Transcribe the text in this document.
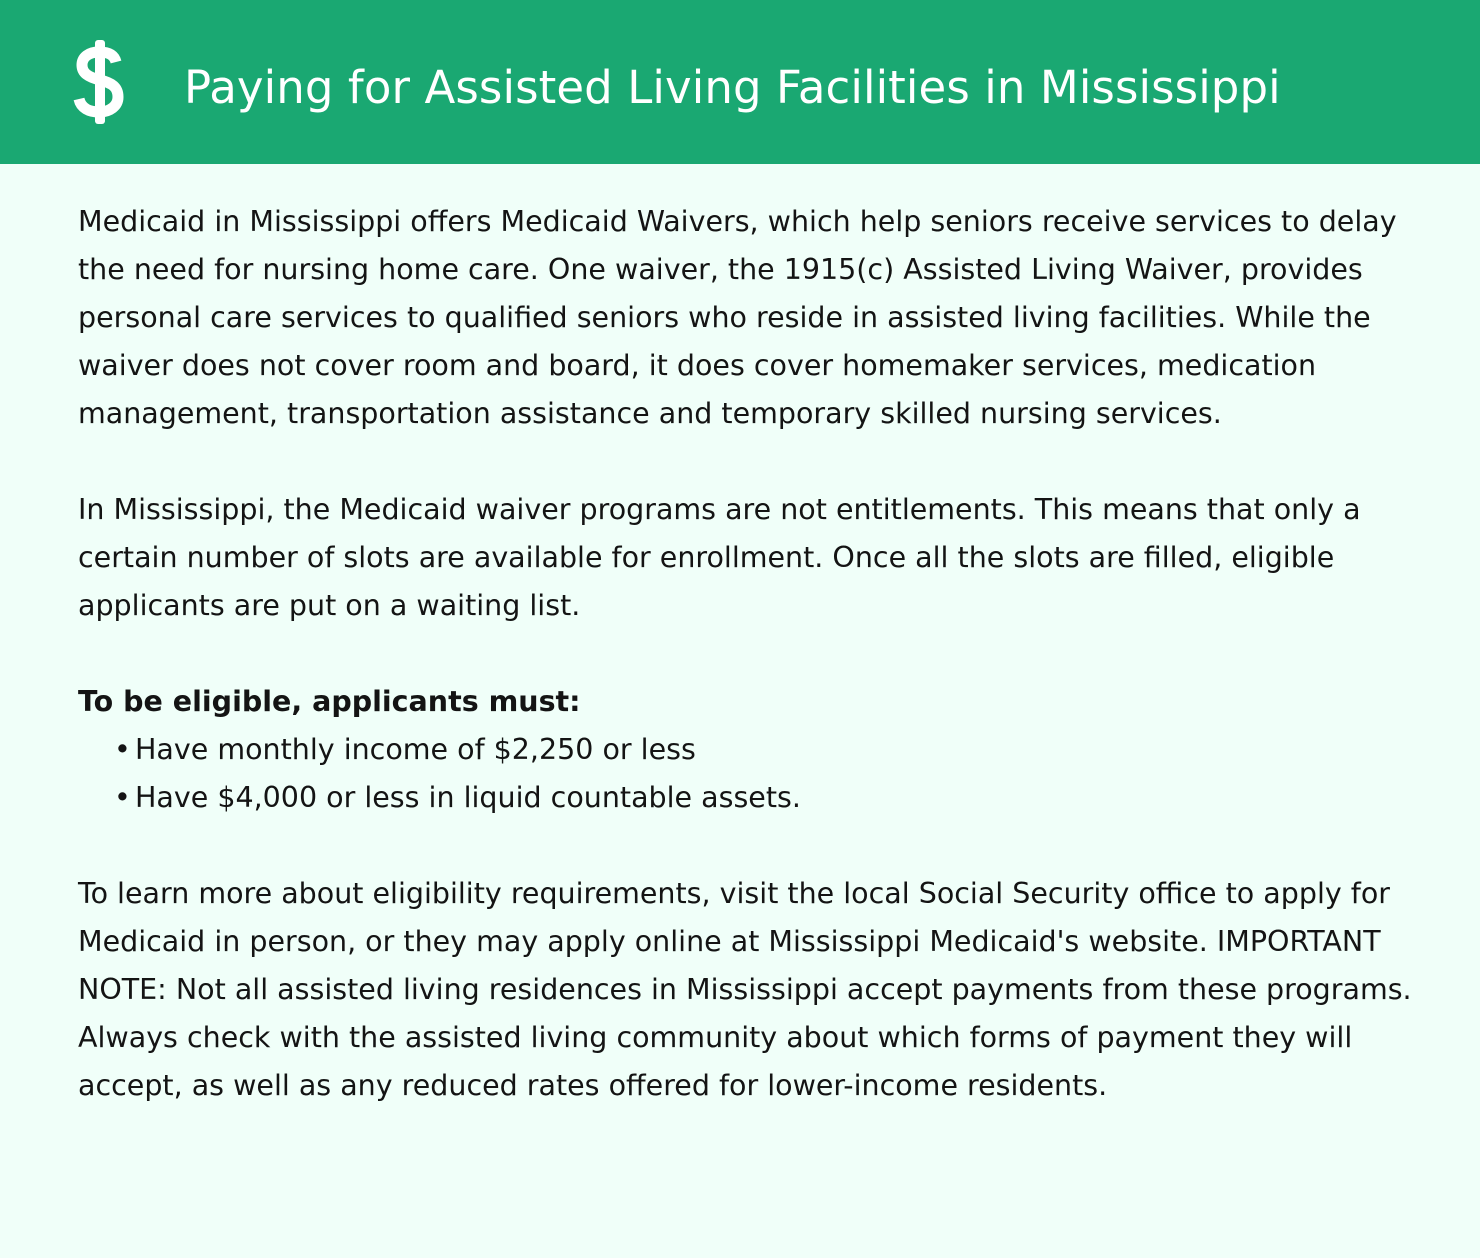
Paying for Assisted Living Facilities in Mississippi

Medicaid in Mississippi offers Medicaid Waivers, which help seniors receive services to delay the need for nursing home care. One waiver, the 1915(c) Assisted Living Waiver, provides personal care services to qualified seniors who reside in assisted living facilities. While the waiver does not cover room and board, it does cover homemaker services, medication management, transportation assistance and temporary skilled nursing services.

In Mississippi, the Medicaid waiver programs are not entitlements. This means that only a certain number of slots are available for enrollment. Once all the slots are filled, eligible applicants are put on a waiting list.

To be eligible, applicants must:

• Have monthly income of $2,250 or less
• Have $4,000 or less in liquid countable assets.

To learn more about eligibility requirements, visit the local Social Security office to apply for Medicaid in person, or they may apply online at Mississippi Medicaid's website. IMPORTANT NOTE: Not all assisted living residences in Mississippi accept payments from these programs. Always check with the assisted living community about which forms of payment they will accept, as well as any reduced rates offered for lower-income residents.
